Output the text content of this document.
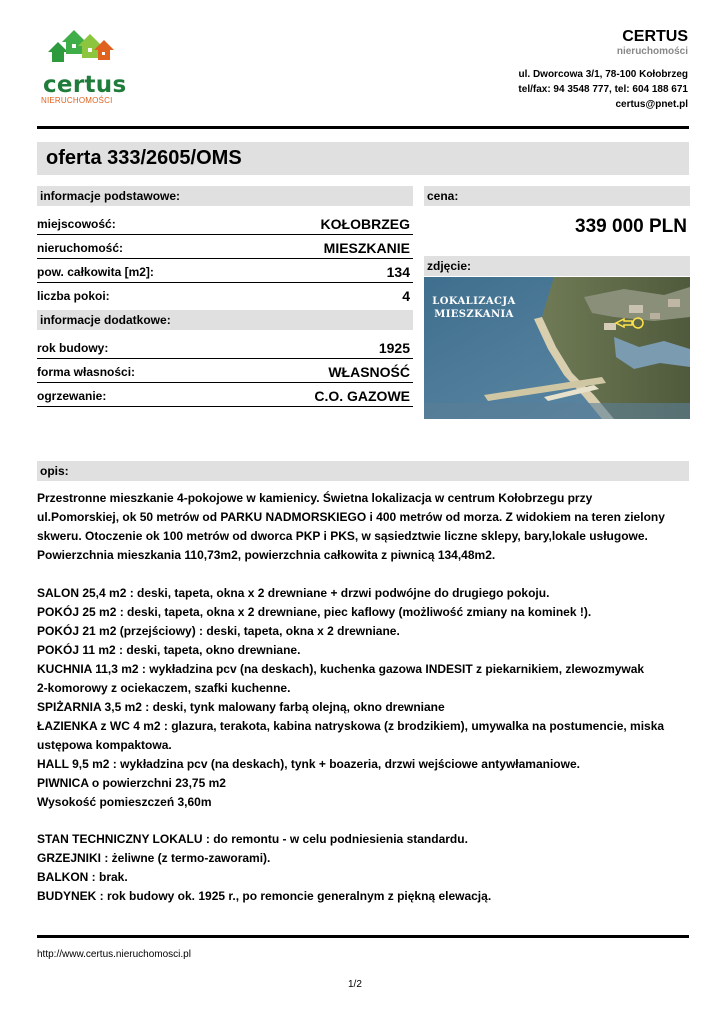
certus
NIERUCHOMOŚCI
CERTUS
nieruchomości
ul. Dworcowa 3/1, 78-100 Kołobrzeg
tel/fax: 94 3548 777, tel: 604 188 671
certus@pnet.pl
oferta 333/2605/OMS
informacje podstawowe:
miejscowość:	KOŁOBRZEG
nieruchomość:	MIESZKANIE
pow. całkowita [m2]:	134
liczba pokoi:	4
informacje dodatkowe:
rok budowy:	1925
forma własności:	WŁASNOŚĆ
ogrzewanie:	C.O. GAZOWE
cena:
339 000 PLN
zdjęcie:
LOKALIZACJA
MIESZKANIA
opis:

Przestronne mieszkanie 4-pokojowe w kamienicy. Świetna lokalizacja w centrum Kołobrzegu przy

ul.Pomorskiej, ok 50 metrów od PARKU NADMORSKIEGO i 400 metrów od morza. Z widokiem na teren zielony

skweru. Otoczenie ok 100 metrów od dworca PKP i PKS, w sąsiedztwie liczne sklepy, bary,lokale usługowe.

Powierzchnia mieszkania 110,73m2, powierzchnia całkowita z piwnicą 134,48m2.

SALON 25,4 m2 : deski, tapeta, okna x 2 drewniane + drzwi podwójne do drugiego pokoju.

POKÓJ 25 m2 : deski, tapeta, okna x 2 drewniane, piec kaflowy (możliwość zmiany na kominek !).

POKÓJ 21 m2 (przejściowy) : deski, tapeta, okna x 2 drewniane.

POKÓJ 11 m2 : deski, tapeta, okno drewniane.

KUCHNIA 11,3 m2 : wykładzina pcv (na deskach), kuchenka gazowa INDESIT z piekarnikiem, zlewozmywak

2-komorowy z ociekaczem, szafki kuchenne.

SPIŻARNIA 3,5 m2 : deski, tynk malowany farbą olejną, okno drewniane

ŁAZIENKA z WC 4 m2 : glazura, terakota, kabina natryskowa (z brodzikiem), umywalka na postumencie, miska

ustępowa kompaktowa.

HALL 9,5 m2 : wykładzina pcv (na deskach), tynk + boazeria, drzwi wejściowe antywłamaniowe.

PIWNICA o powierzchni 23,75 m2

Wysokość pomieszczeń 3,60m

STAN TECHNICZNY LOKALU : do remontu - w celu podniesienia standardu.

GRZEJNIKI : żeliwne (z termo-zaworami).

BALKON : brak.

BUDYNEK : rok budowy ok. 1925 r., po remoncie generalnym z piękną elewacją.

http://www.certus.nieruchomosci.pl
1/2
